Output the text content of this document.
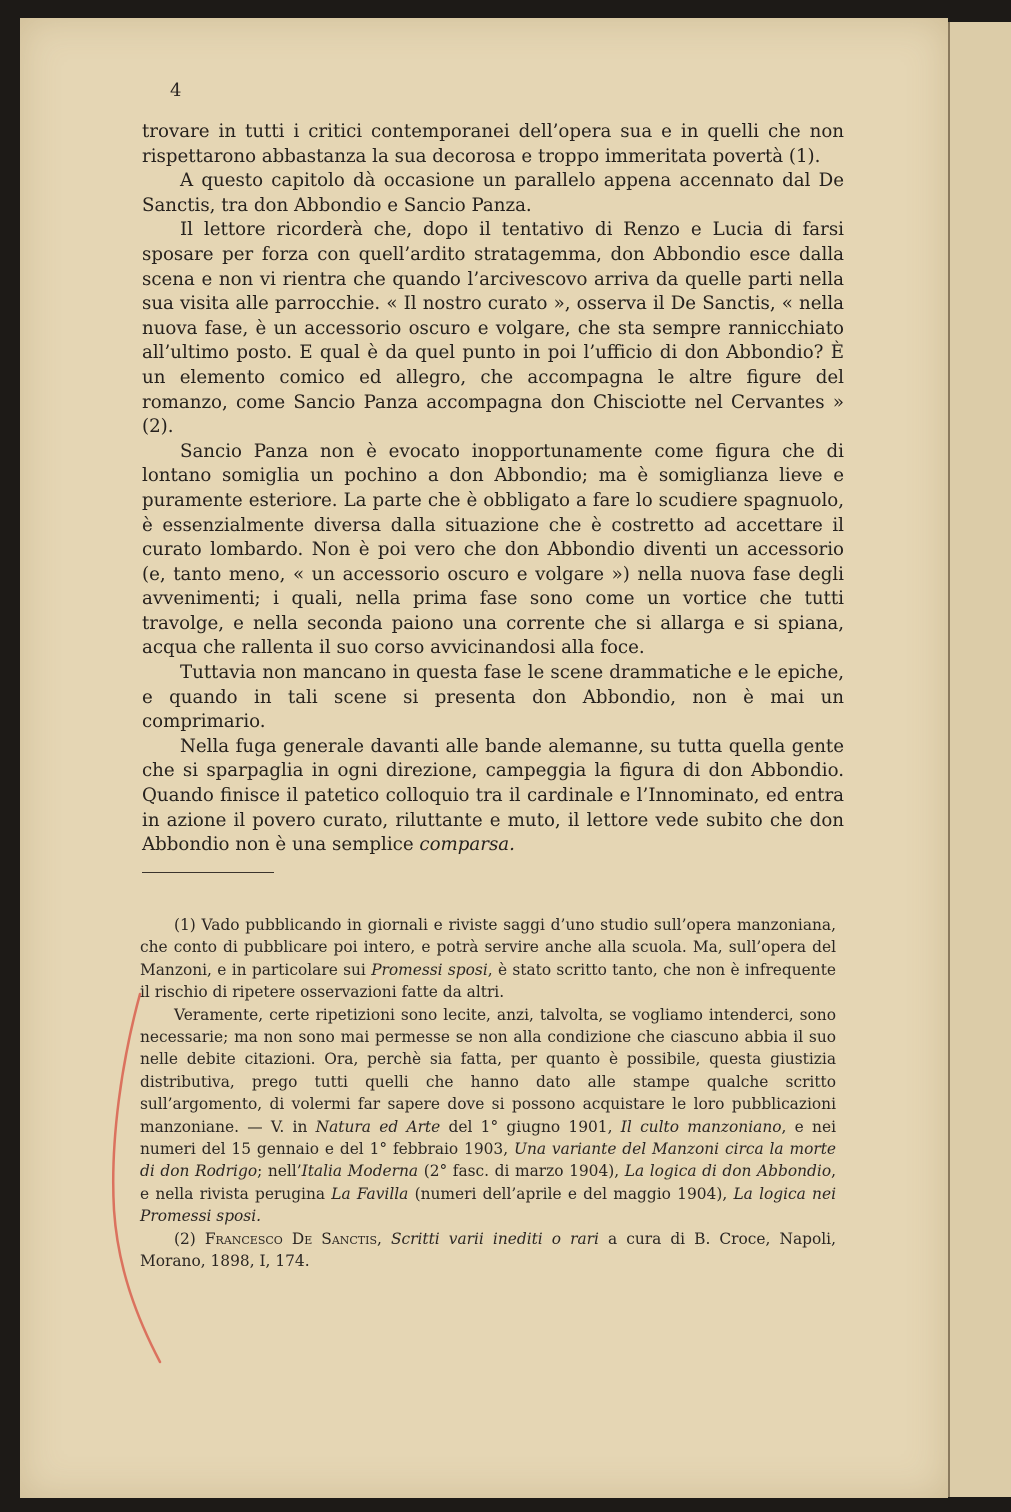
4

trovare in tutti i critici contemporanei dell’opera sua e in quelli che non rispettarono abbastanza la sua decorosa e troppo immeritata povertà (1).

A questo capitolo dà occasione un parallelo appena accennato dal De Sanctis, tra don Abbondio e Sancio Panza.

Il lettore ricorderà che, dopo il tentativo di Renzo e Lucia di farsi sposare per forza con quell’ardito stratagemma, don Abbondio esce dalla scena e non vi rientra che quando l’arcivescovo arriva da quelle parti nella sua visita alle parrocchie. « Il nostro curato », osserva il De Sanctis, « nella nuova fase, è un accessorio oscuro e volgare, che sta sempre rannicchiato all’ultimo posto. E qual è da quel punto in poi l’ufficio di don Abbondio? È un elemento comico ed allegro, che accompagna le altre figure del romanzo, come Sancio Panza accompagna don Chisciotte nel Cervantes » (2).

Sancio Panza non è evocato inopportunamente come figura che di lontano somiglia un pochino a don Abbondio; ma è somiglianza lieve e puramente esteriore. La parte che è obbligato a fare lo scudiere spagnuolo, è essenzialmente diversa dalla situazione che è costretto ad accettare il curato lombardo. Non è poi vero che don Abbondio diventi un accessorio (e, tanto meno, « un accessorio oscuro e volgare ») nella nuova fase degli avvenimenti; i quali, nella prima fase sono come un vortice che tutti travolge, e nella seconda paiono una corrente che si allarga e si spiana, acqua che rallenta il suo corso avvicinandosi alla foce.

Tuttavia non mancano in questa fase le scene drammatiche e le epiche, e quando in tali scene si presenta don Abbondio, non è mai un comprimario.

Nella fuga generale davanti alle bande alemanne, su tutta quella gente che si sparpaglia in ogni direzione, campeggia la figura di don Abbondio. Quando finisce il patetico colloquio tra il cardinale e l’Innominato, ed entra in azione il povero curato, riluttante e muto, il lettore vede subito che don Abbondio non è una semplice comparsa.

(1) Vado pubblicando in giornali e riviste saggi d’uno studio sull’opera manzoniana, che conto di pubblicare poi intero, e potrà servire anche alla scuola. Ma, sull’opera del Manzoni, e in particolare sui Promessi sposi, è stato scritto tanto, che non è infrequente il rischio di ripetere osservazioni fatte da altri.

Veramente, certe ripetizioni sono lecite, anzi, talvolta, se vogliamo intenderci, sono necessarie; ma non sono mai permesse se non alla condizione che ciascuno abbia il suo nelle debite citazioni. Ora, perchè sia fatta, per quanto è possibile, questa giustizia distributiva, prego tutti quelli che hanno dato alle stampe qualche scritto sull’argomento, di volermi far sapere dove si possono acquistare le loro pubblicazioni manzoniane. — V. in Natura ed Arte del 1° giugno 1901, Il culto manzoniano, e nei numeri del 15 gennaio e del 1° febbraio 1903, Una variante del Manzoni circa la morte di don Rodrigo; nell’Italia Moderna (2° fasc. di marzo 1904), La logica di don Abbondio, e nella rivista perugina La Favilla (numeri dell’aprile e del maggio 1904), La logica nei Promessi sposi.

(2) Francesco De Sanctis, Scritti varii inediti o rari a cura di B. Croce, Napoli, Morano, 1898, I, 174.
